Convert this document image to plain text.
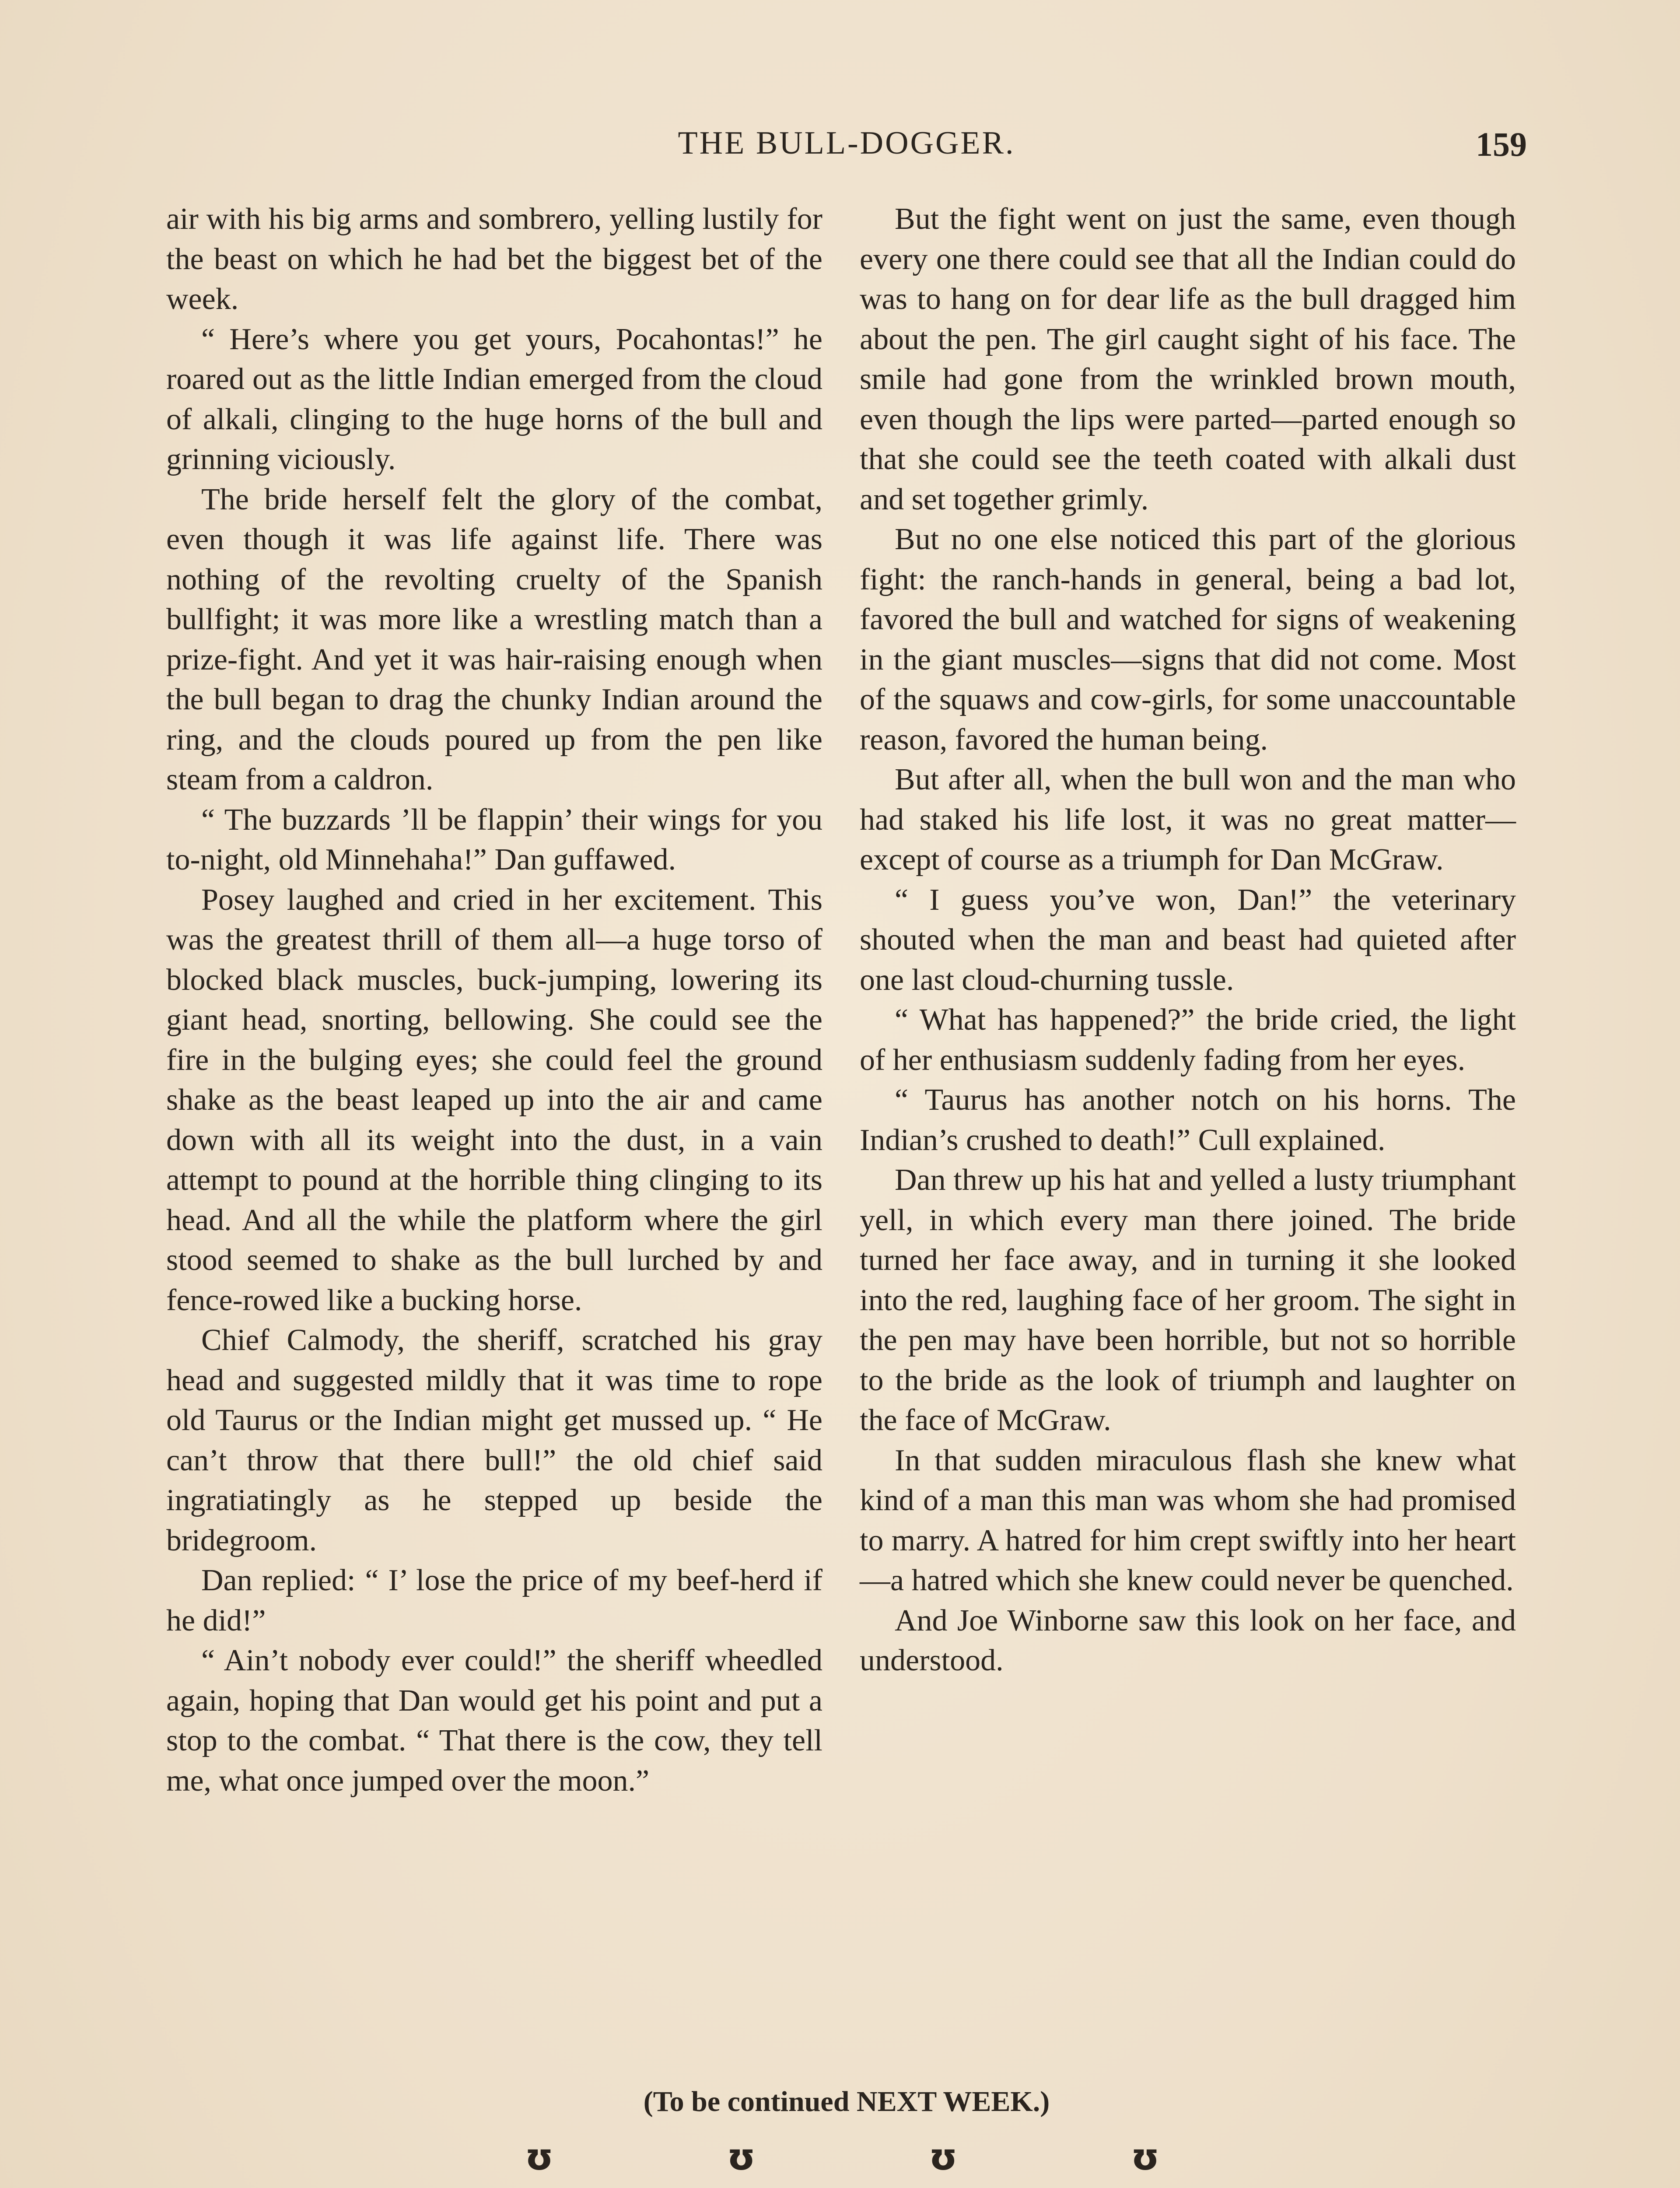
THE BULL-DOGGER.	159

air with his big arms and sombrero, yelling lustily for the beast on which he had bet the biggest bet of the week.

“ Here’s where you get yours, Pocahontas!” he roared out as the little Indian emerged from the cloud of alkali, clinging to the huge horns of the bull and grinning viciously.

The bride herself felt the glory of the combat, even though it was life against life. There was nothing of the revolting cruelty of the Spanish bullfight; it was more like a wrestling match than a prize-fight. And yet it was hair-raising enough when the bull began to drag the chunky Indian around the ring, and the clouds poured up from the pen like steam from a caldron.

“ The buzzards ’ll be flappin’ their wings for you to-night, old Minnehaha!” Dan guffawed.

Posey laughed and cried in her excitement. This was the greatest thrill of them all—a huge torso of blocked black muscles, buck-jumping, lowering its giant head, snorting, bellowing. She could see the fire in the bulging eyes; she could feel the ground shake as the beast leaped up into the air and came down with all its weight into the dust, in a vain attempt to pound at the horrible thing clinging to its head. And all the while the platform where the girl stood seemed to shake as the bull lurched by and fence-rowed like a bucking horse.

Chief Calmody, the sheriff, scratched his gray head and suggested mildly that it was time to rope old Taurus or the Indian might get mussed up. “ He can’t throw that there bull!” the old chief said ingratiatingly as he stepped up beside the bridegroom.

Dan replied: “ I’ lose the price of my beef-herd if he did!”

“ Ain’t nobody ever could!” the sheriff wheedled again, hoping that Dan would get his point and put a stop to the combat. “ That there is the cow, they tell me, what once jumped over the moon.”

But the fight went on just the same, even though every one there could see that all the Indian could do was to hang on for dear life as the bull dragged him about the pen. The girl caught sight of his face. The smile had gone from the wrinkled brown mouth, even though the lips were parted—parted enough so that she could see the teeth coated with alkali dust and set together grimly.

But no one else noticed this part of the glorious fight: the ranch-hands in general, being a bad lot, favored the bull and watched for signs of weakening in the giant muscles—signs that did not come. Most of the squaws and cow-girls, for some unaccountable reason, favored the human being.

But after all, when the bull won and the man who had staked his life lost, it was no great matter—except of course as a triumph for Dan McGraw.

“ I guess you’ve won, Dan!” the veterinary shouted when the man and beast had quieted after one last cloud-churning tussle.

“ What has happened?” the bride cried, the light of her enthusiasm suddenly fading from her eyes.

“ Taurus has another notch on his horns. The Indian’s crushed to death!” Cull explained.

Dan threw up his hat and yelled a lusty triumphant yell, in which every man there joined. The bride turned her face away, and in turning it she looked into the red, laughing face of her groom. The sight in the pen may have been horrible, but not so horrible to the bride as the look of triumph and laughter on the face of McGraw.

In that sudden miraculous flash she knew what kind of a man this man was whom she had promised to marry. A hatred for him crept swiftly into her heart—a hatred which she knew could never be quenched.

And Joe Winborne saw this look on her face, and understood.

(To be continued NEXT WEEK.)
ʊ	ʊ	ʊ	ʊ
